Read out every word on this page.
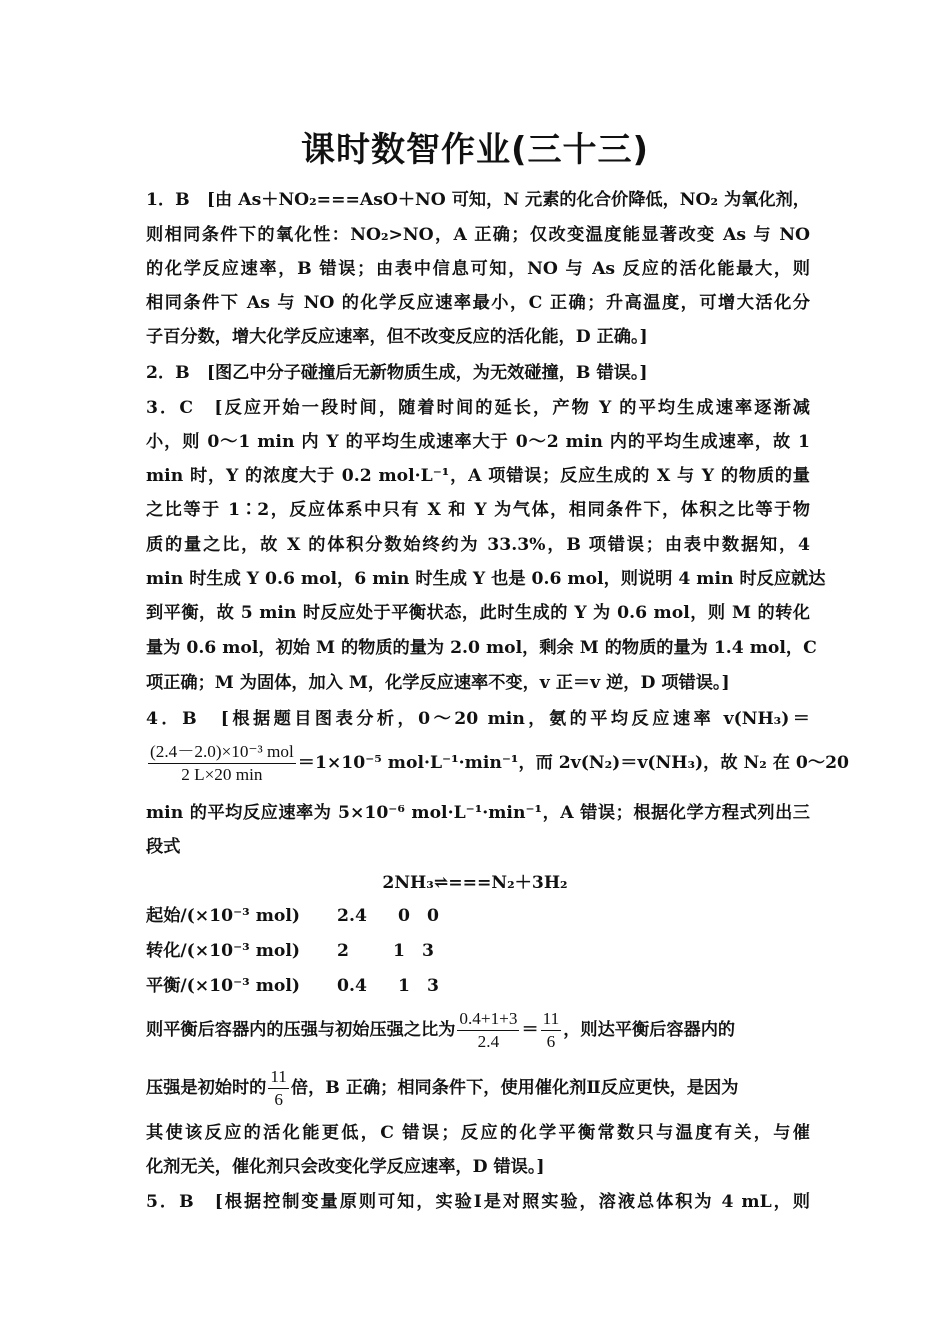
课时数智作业(三十三)
1．B　[由 As＋NO₂===AsO＋NO 可知，N 元素的化合价降低，NO₂ 为氧化剂，
则相同条件下的氧化性：NO₂>NO，A 正确；仅改变温度能显著改变 As 与 NO
的化学反应速率，B 错误；由表中信息可知，NO 与 As 反应的活化能最大，则
相同条件下 As 与 NO 的化学反应速率最小，C 正确；升高温度，可增大活化分
子百分数，增大化学反应速率，但不改变反应的活化能，D 正确。]
2．B　[图乙中分子碰撞后无新物质生成，为无效碰撞，B 错误。]
3．C　[反应开始一段时间，随着时间的延长，产物 Y 的平均生成速率逐渐减
小，则 0～1 min 内 Y 的平均生成速率大于 0～2 min 内的平均生成速率，故 1
min 时，Y 的浓度大于 0.2 mol·L⁻¹，A 项错误；反应生成的 X 与 Y 的物质的量
之比等于 1∶2，反应体系中只有 X 和 Y 为气体，相同条件下，体积之比等于物
质的量之比，故 X 的体积分数始终约为 33.3%，B 项错误；由表中数据知，4
min 时生成 Y 0.6 mol，6 min 时生成 Y 也是 0.6 mol，则说明 4 min 时反应就达
到平衡，故 5 min 时反应处于平衡状态，此时生成的 Y 为 0.6 mol，则 M 的转化
量为 0.6 mol，初始 M 的物质的量为 2.0 mol，剩余 M 的物质的量为 1.4 mol，C
项正确；M 为固体，加入 M，化学反应速率不变，v 正＝v 逆，D 项错误。]
4．B　[根据题目图表分析，0～20 min，氨的平均反应速率 v(NH₃)＝
$\frac{\text{(2.4－2.0)×10⁻³ mol}}{2 L\times 20 \min} =1\times 10^{-5}$ mol·L⁻¹·min⁻¹，而 2v(N₂)＝v(NH₃)，故 N₂ 在 0～20
min 的平均反应速率为 5×10⁻⁶ mol·L⁻¹·min⁻¹，A 错误；根据化学方程式列出三
段式
2NH₃⇌===N₂＋3H₂
起始/(×10⁻³ mol) 2.4 0 0
转化/(×10⁻³ mol) 2	1 3
平衡/(×10⁻³ mol) 0.4 1 3
则平衡后容器内的压强与初始压强之比为 $\frac{0.4+1+3}{2.4} = \frac{11}{6}$ ，则达平衡后容器内的
压强是初始时的 $\frac{11}{6}$ 倍，B 正确；相同条件下，使用催化剂Ⅱ反应更快，是因为
其使该反应的活化能更低，C 错误；反应的化学平衡常数只与温度有关，与催
化剂无关，催化剂只会改变化学反应速率，D 错误。]
5．B　[根据控制变量原则可知，实验Ⅰ是对照实验，溶液总体积为 4 mL，则
